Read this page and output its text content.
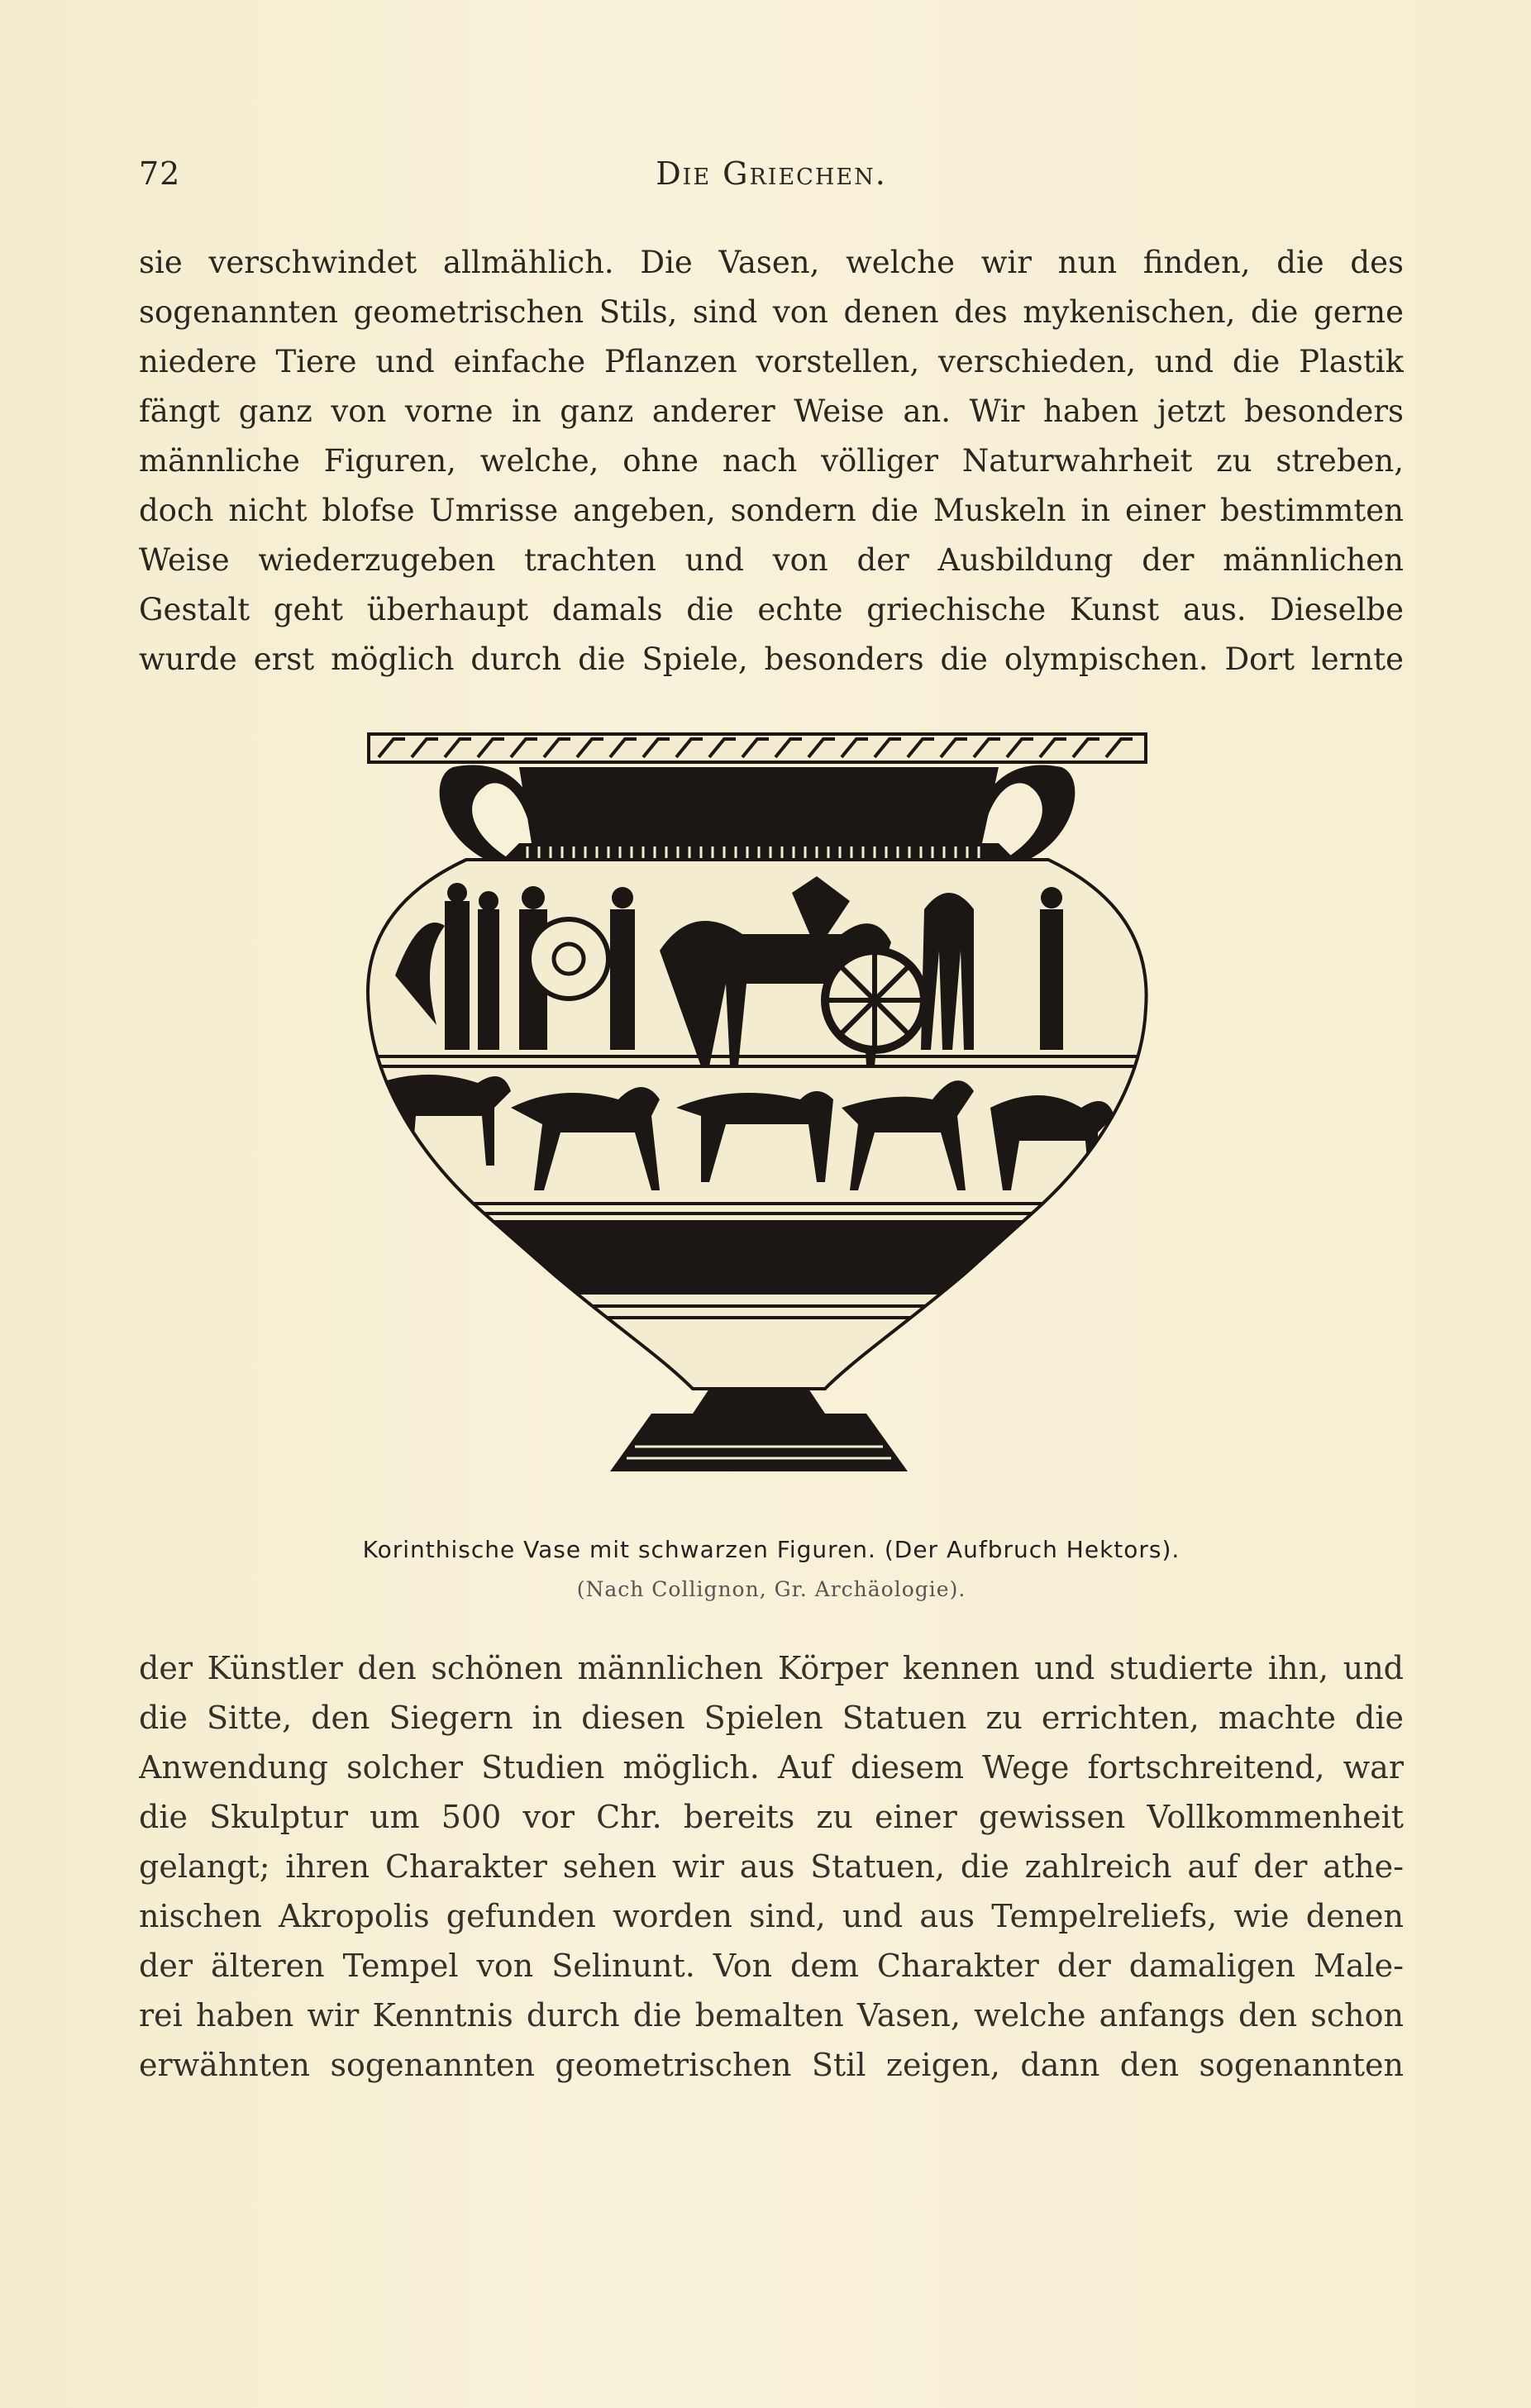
72	Die Griechen.
sie verschwindet allmählich. Die Vasen, welche wir nun finden, die des
sogenannten geometrischen Stils, sind von denen des mykenischen, die gerne
niedere Tiere und einfache Pflanzen vorstellen, verschieden, und die Plastik
fängt ganz von vorne in ganz anderer Weise an. Wir haben jetzt besonders
männliche Figuren, welche, ohne nach völliger Naturwahrheit zu streben,
doch nicht blofse Umrisse angeben, sondern die Muskeln in einer bestimmten
Weise wiederzugeben trachten und von der Ausbildung der männlichen
Gestalt geht überhaupt damals die echte griechische Kunst aus. Dieselbe
wurde erst möglich durch die Spiele, besonders die olympischen. Dort lernte

Korinthische Vase mit schwarzen Figuren. (Der Aufbruch Hektors).

(Nach Collignon, Gr. Archäologie).

der Künstler den schönen männlichen Körper kennen und studierte ihn, und
die Sitte, den Siegern in diesen Spielen Statuen zu errichten, machte die
Anwendung solcher Studien möglich. Auf diesem Wege fortschreitend, war
die Skulptur um 500 vor Chr. bereits zu einer gewissen Vollkommenheit
gelangt; ihren Charakter sehen wir aus Statuen, die zahlreich auf der athe-
nischen Akropolis gefunden worden sind, und aus Tempelreliefs, wie denen
der älteren Tempel von Selinunt. Von dem Charakter der damaligen Male-
rei haben wir Kenntnis durch die bemalten Vasen, welche anfangs den schon
erwähnten sogenannten geometrischen Stil zeigen, dann den sogenannten
